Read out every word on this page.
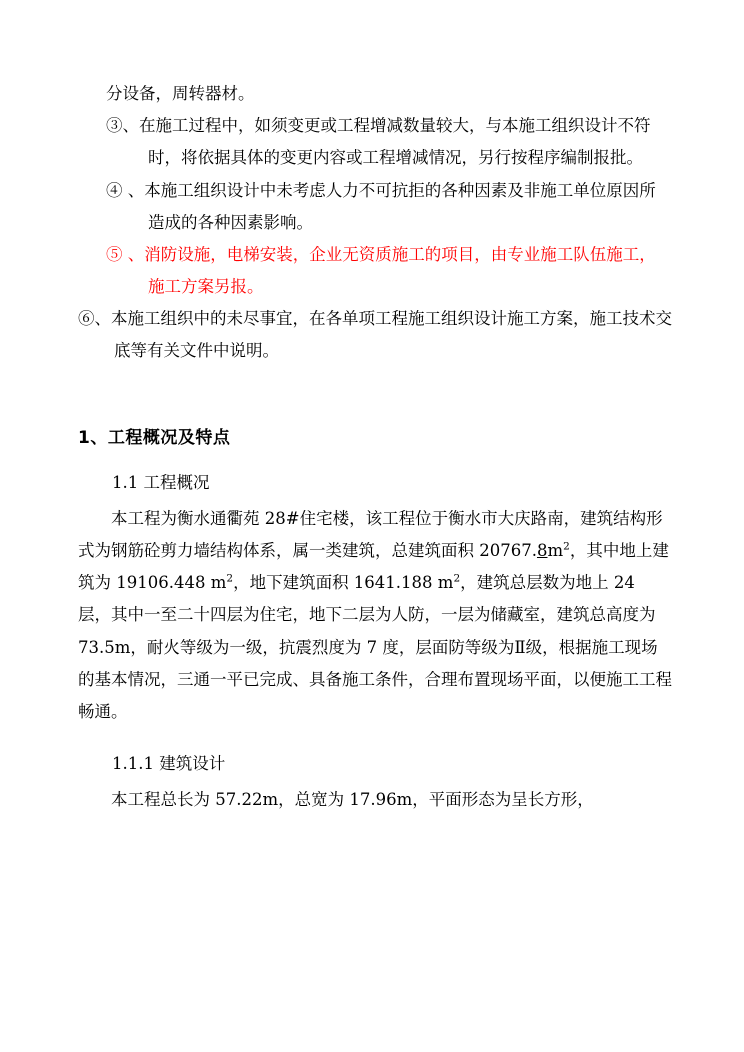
分设备，周转器材。

③、在施工过程中，如须变更或工程增减数量较大，与本施工组织设计不符时，将依据具体的变更内容或工程增减情况，另行按程序编制报批。

④ 、本施工组织设计中未考虑人力不可抗拒的各种因素及非施工单位原因所造成的各种因素影响。

⑤ 、消防设施，电梯安装，企业无资质施工的项目，由专业施工队伍施工，施工方案另报。

⑥、本施工组织中的未尽事宜，在各单项工程施工组织设计施工方案，施工技术交底等有关文件中说明。

1、工程概况及特点

1.1 工程概况

本工程为衡水通衢苑 28#住宅楼，该工程位于衡水市大庆路南，建筑结构形式为钢筋砼剪力墙结构体系，属一类建筑，总建筑面积 $20767.8m^2$，其中地上建筑为 19106.448 $m^2$，地下建筑面积 1641.188 $m^2$，建筑总层数为地上 24 层，其中一至二十四层为住宅，地下二层为人防，一层为储藏室，建筑总高度为 73.5m，耐火等级为一级，抗震烈度为 7 度，层面防等级为Ⅱ级，根据施工现场的基本情况，三通一平已完成、具备施工条件，合理布置现场平面，以便施工工程畅通。

1.1.1 建筑设计

本工程总长为 57.22m，总宽为 17.96m，平面形态为呈长方形，
